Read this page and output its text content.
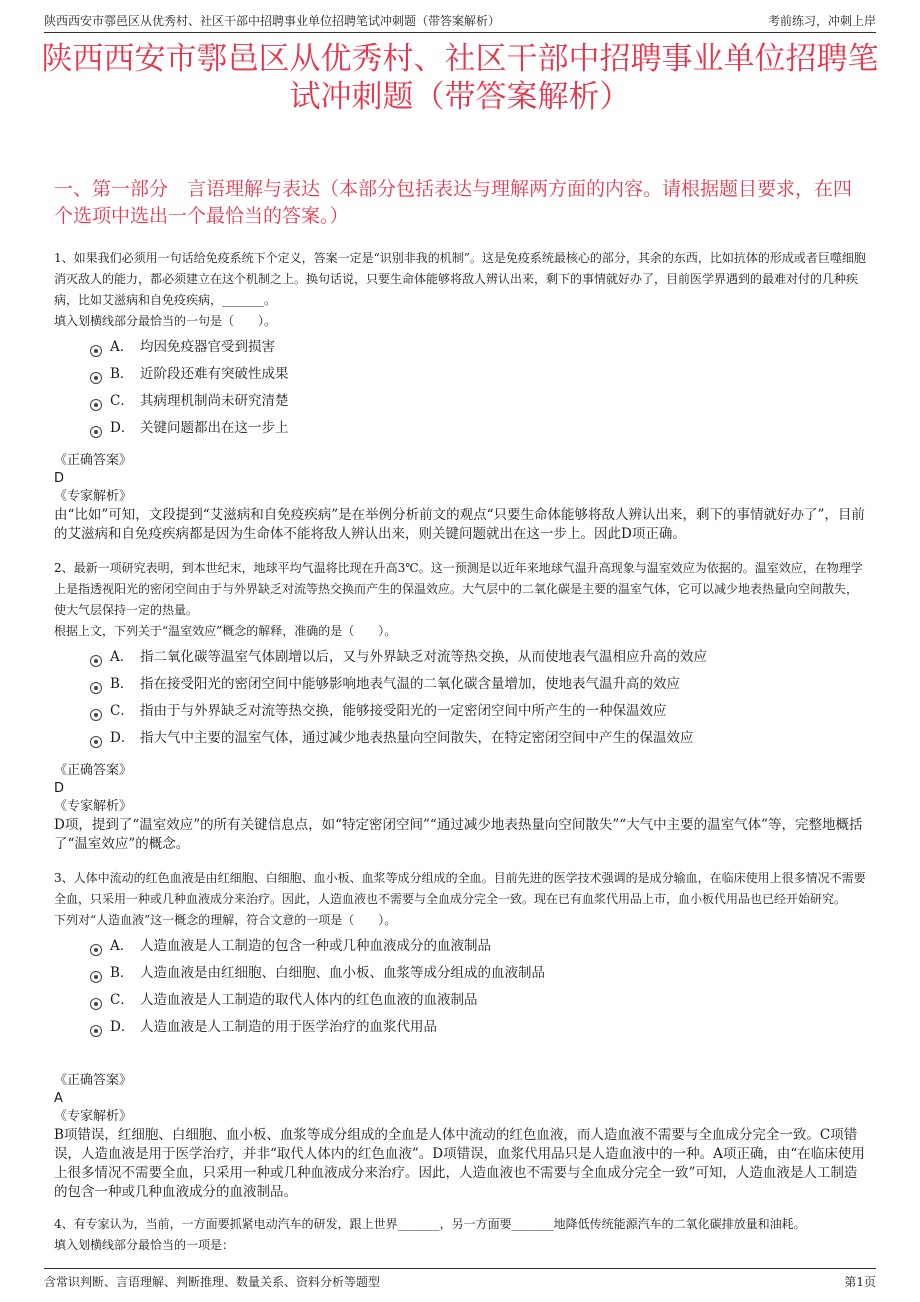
陕西西安市鄠邑区从优秀村、社区干部中招聘事业单位招聘笔试冲刺题（带答案解析）	考前练习，冲刺上岸
陕西西安市鄠邑区从优秀村、社区干部中招聘事业单位招聘笔试冲刺题（带答案解析）
一、第一部分　言语理解与表达（本部分包括表达与理解两方面的内容。请根据题目要求，在四个选项中选出一个最恰当的答案。）

1、如果我们必须用一句话给免疫系统下个定义，答案一定是“识别非我的机制”。这是免疫系统最核心的部分，其余的东西，比如抗体的形成或者巨噬细胞消灭敌人的能力，都必须建立在这个机制之上。换句话说，只要生命体能够将敌人辨认出来，剩下的事情就好办了，目前医学界遇到的最难对付的几种疾病，比如艾滋病和自免疫疾病，_______。

填入划横线部分最恰当的一句是（　　）。

A． 均因免疫器官受到损害
B． 近阶段还难有突破性成果
C． 其病理机制尚未研究清楚
D． 关键问题都出在这一步上
《正确答案》
D
《专家解析》
由“比如”可知，文段提到“艾滋病和自免疫疾病”是在举例分析前文的观点“只要生命体能够将敌人辨认出来，剩下的事情就好办了”，目前的艾滋病和自免疫疾病都是因为生命体不能将敌人辨认出来，则关键问题就出在这一步上。因此D项正确。

2、最新一项研究表明，到本世纪末，地球平均气温将比现在升高3℃。这一预测是以近年来地球气温升高现象与温室效应为依据的。温室效应，在物理学上是指透视阳光的密闭空间由于与外界缺乏对流等热交换而产生的保温效应。大气层中的二氧化碳是主要的温室气体，它可以减少地表热量向空间散失，使大气层保持一定的热量。

根据上文，下列关于“温室效应”概念的解释，准确的是（　　）。

A． 指二氧化碳等温室气体剧增以后，又与外界缺乏对流等热交换，从而使地表气温相应升高的效应
B． 指在接受阳光的密闭空间中能够影响地表气温的二氧化碳含量增加，使地表气温升高的效应
C． 指由于与外界缺乏对流等热交换，能够接受阳光的一定密闭空间中所产生的一种保温效应
D． 指大气中主要的温室气体，通过减少地表热量向空间散失，在特定密闭空间中产生的保温效应
《正确答案》
D
《专家解析》
D项，提到了“温室效应”的所有关键信息点，如“特定密闭空间”“通过减少地表热量向空间散失”“大气中主要的温室气体”等，完整地概括了“温室效应”的概念。

3、人体中流动的红色血液是由红细胞、白细胞、血小板、血浆等成分组成的全血。目前先进的医学技术强调的是成分输血，在临床使用上很多情况不需要全血，只采用一种或几种血液成分来治疗。因此，人造血液也不需要与全血成分完全一致。现在已有血浆代用品上市，血小板代用品也已经开始研究。

下列对“人造血液”这一概念的理解，符合文意的一项是（　　）。

A． 人造血液是人工制造的包含一种或几种血液成分的血液制品
B． 人造血液是由红细胞、白细胞、血小板、血浆等成分组成的血液制品
C． 人造血液是人工制造的取代人体内的红色血液的血液制品
D． 人造血液是人工制造的用于医学治疗的血浆代用品
《正确答案》
A
《专家解析》
B项错误，红细胞、白细胞、血小板、血浆等成分组成的全血是人体中流动的红色血液，而人造血液不需要与全血成分完全一致。C项错误，人造血液是用于医学治疗，并非“取代人体内的红色血液”。D项错误，血浆代用品只是人造血液中的一种。A项正确，由“在临床使用上很多情况不需要全血，只采用一种或几种血液成分来治疗。因此，人造血液也不需要与全血成分完全一致”可知，人造血液是人工制造的包含一种或几种血液成分的血液制品。

4、有专家认为，当前，一方面要抓紧电动汽车的研发，跟上世界_______，另一方面要_______地降低传统能源汽车的二氧化碳排放量和油耗。

填入划横线部分最恰当的一项是：

含常识判断、言语理解、判断推理、数量关系、资料分析等题型	第1页
